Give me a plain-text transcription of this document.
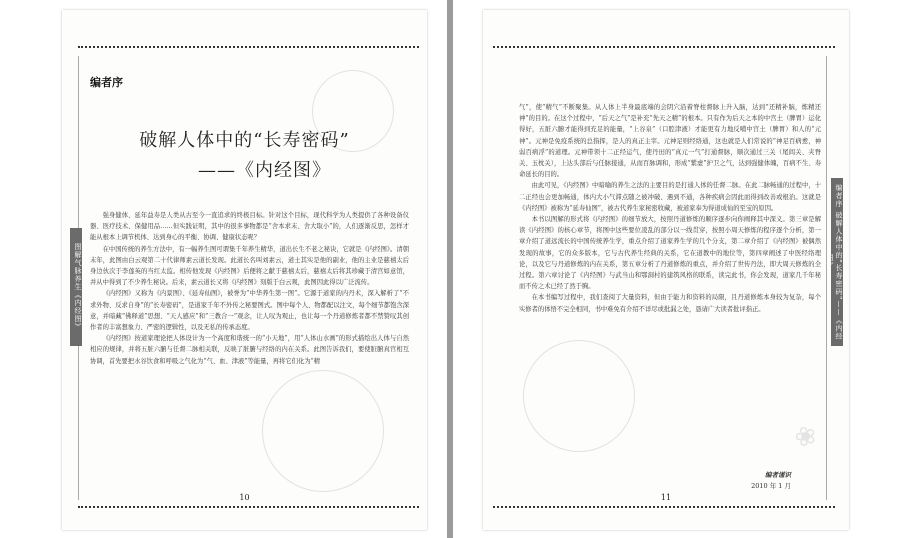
编者序
破解人体中的“长寿密码”
——《内经图》
图解气脉养生《内经图》

强身健体、延年益寿是人类从古至今一直追求的终极目标。针对这个目标，现代科学为人类提供了各种设备仪器、医疗技术、保健用品……但实践证明，其中的很多事物都是“舍本求末、舍大取小”的，人们逐渐反思，怎样才能从根本上调节机体、达到身心的平衡、协调、健康状态呢？

在中国传统的养生方法中，有一幅养生图可谓集千年养生精华，道出长生不老之秘诀，它就是《内经图》。清朝末年，此图由白云观第二十代律师素云道长发现。此道长名叫刘素云，道士其实是他的副业，他的主业是慈禧太后身边伙次于李莲英的当红太监。相传他发现《内经图》后便将之献于慈禧太后，慈禧太后将其珍藏于清宫如意馆，并从中得到了不少养生秘诀。后来，素云道长又将《内经图》刻版于白云观，此图因此得以广泛流传。

《内经图》又称为《内景图》、《延寿仙图》，被誉为“中华养生第一图”。它源于道家的内丹术，深入解析了“不求外物、反求自身”的“长寿密码”，是道家千年不外传之秘要图式。图中每个人、物都配以注文，每个细节都饱含深意，并暗藏“佛释道”思想、“天人感应”和“三教合一”观念，让人叹为观止，也让每一个丹道修炼者都不禁赞叹其创作者的丰富想象力、严密的逻辑性，以及无私的传承态度。

《内经图》按道家理论把人体设计为一个高度和谐统一的“小天地”，用“人体山水画”的形式描绘出人体与自然相应的规律，并将五脏六腑与任督二脉相关联，反映了脏腑与经络的内在关系。此图告诉我们，要使脏腑真官相互协调，首先要把水谷饮食和呼吸之气化为“气、血、津液”等能量，再将它们化为“精

10
❀
编者序 破解人体中的“长寿密码”——《内经图》

气”，使“精气”不断聚集。从人体上半身最底端的会阴穴沿着脊柱督脉上升入脑，达到“还精补脑，炼精还神”的目的。在这个过程中，“后天之气”是补充“先天之精”的根本。只有作为后天之本的中宫土（脾胃）运化得好，五脏六腑才能得到充足的能量，“上谷泉”（口腔津液）才能更有力地反哺中宫土（脾胃）和人的“元神”。元神是免疫系统的总指挥，是人的真正主宰。元神足则经络通，这也就是人们常说的“神足百病愈，神弱百病浮”的道理。元神带领十二正经运气，使丹田的“真元一气”打通督脉，顺次通过三关（尾闾关、夹脊关、玉枕关），上达头部后与任脉接通，从而百脉调和，形成“紫虚”护卫之气，达到强健体魄，百病不生、寿命延长的目的。

由此可见，《内经图》中暗喻的养生之法的主要目的是打通人体的任督二脉。在此二脉畅通的过程中，十二正经也会更加畅通，体内大小气滞点随之被冲破、遇到不通，各种疾病会因此而得到改善或根治。这就是《内经图》被称为“延寿仙图”，被古代养生家秘密收藏，被道家奉为得道成仙的至宝的原因。

本书以图解的形式将《内经图》的细节放大，按照丹道修炼的顺序逐步向你阐释其中深义。第三章是解读《内经图》的核心章节，将图中这些要位凌乱的部分以一线贯穿，按照小周天修炼的程序逐个分析，第一章介绍了道远流长的中国传统养生学，重点介绍了道家养生学的几个分支，第二章介绍了《内经图》被偶然发现的故事，它的众多版本，它与古代养生经典的关系，它在道教中的地位等，第四章阐述了中医经络理论，以及它与丹道修炼的内在关系，第五章分析了丹道修炼的重点，并介绍了世传丹法，即大周天修炼的全过程。第六章讨论了《内经图》与武当山和鄂洞村的建筑风格的联系，读完此书，你会发现，道家几千年秘而不传之术已经了然于胸。

在本书编写过程中，我们查阅了大量资料，但由于能力和资料的局限，且丹道修炼本身较为复杂，每个实修者的体悟不完全相同，书中难免有介绍不详尽或批漏之处，恳请广大读者批评指正。

编者谨识
2010 年 1 月
11
